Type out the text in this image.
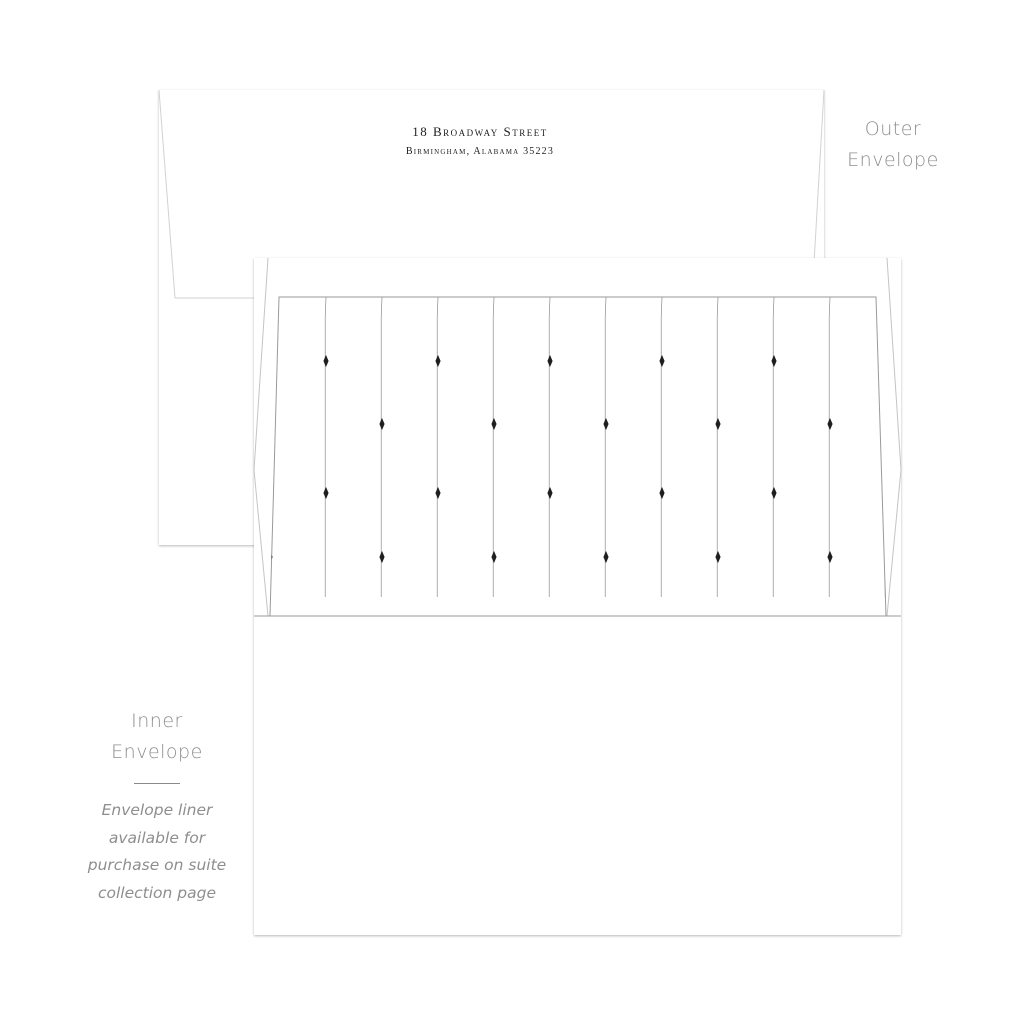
18 Broadway Street
Birmingham, Alabama 35223
Outer
Envelope
Inner
Envelope
Envelope liner
available for
purchase on suite
collection page
